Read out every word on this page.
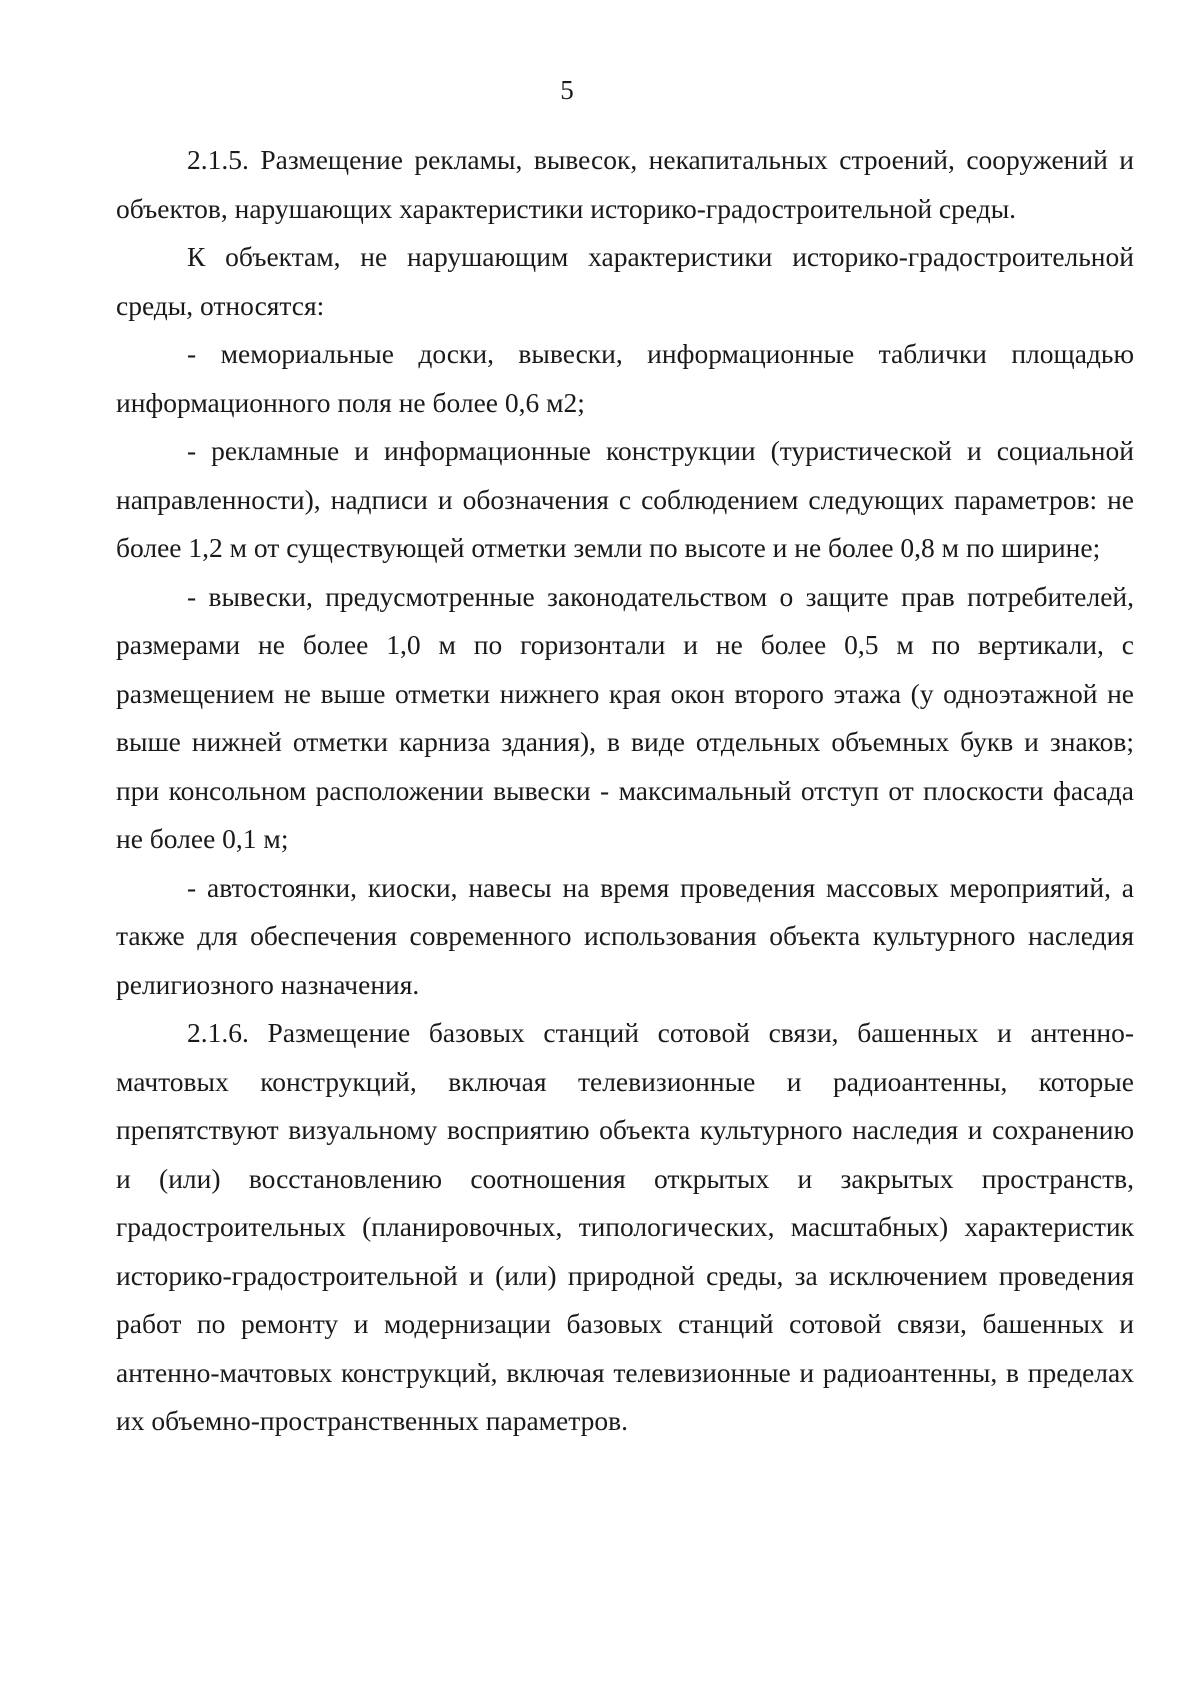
5

2.1.5. Размещение рекламы, вывесок, некапитальных строений, сооружений и объектов, нарушающих характеристики историко-градостроительной среды.

К объектам, не нарушающим характеристики историко-градостроительной среды, относятся:

- мемориальные доски, вывески, информационные таблички площадью информационного поля не более 0,6 м2;

- рекламные и информационные конструкции (туристической и социальной направленности), надписи и обозначения с соблюдением следующих параметров: не более 1,2 м от существующей отметки земли по высоте и не более 0,8 м по ширине;

- вывески, предусмотренные законодательством о защите прав потребителей, размерами не более 1,0 м по горизонтали и не более 0,5 м по вертикали, с размещением не выше отметки нижнего края окон второго этажа (у одноэтажной не выше нижней отметки карниза здания), в виде отдельных объемных букв и знаков; при консольном расположении вывески - максимальный отступ от плоскости фасада не более 0,1 м;

- автостоянки, киоски, навесы на время проведения массовых мероприятий, а также для обеспечения современного использования объекта культурного наследия религиозного назначения.

2.1.6. Размещение базовых станций сотовой связи, башенных и антенно-мачтовых конструкций, включая телевизионные и радиоантенны, которые препятствуют визуальному восприятию объекта культурного наследия и сохранению и (или) восстановлению соотношения открытых и закрытых пространств, градостроительных (планировочных, типологических, масштабных) характеристик историко-градостроительной и (или) природной среды, за исключением проведения работ по ремонту и модернизации базовых станций сотовой связи, башенных и антенно-мачтовых конструкций, включая телевизионные и радиоантенны, в пределах их объемно-пространственных параметров.
